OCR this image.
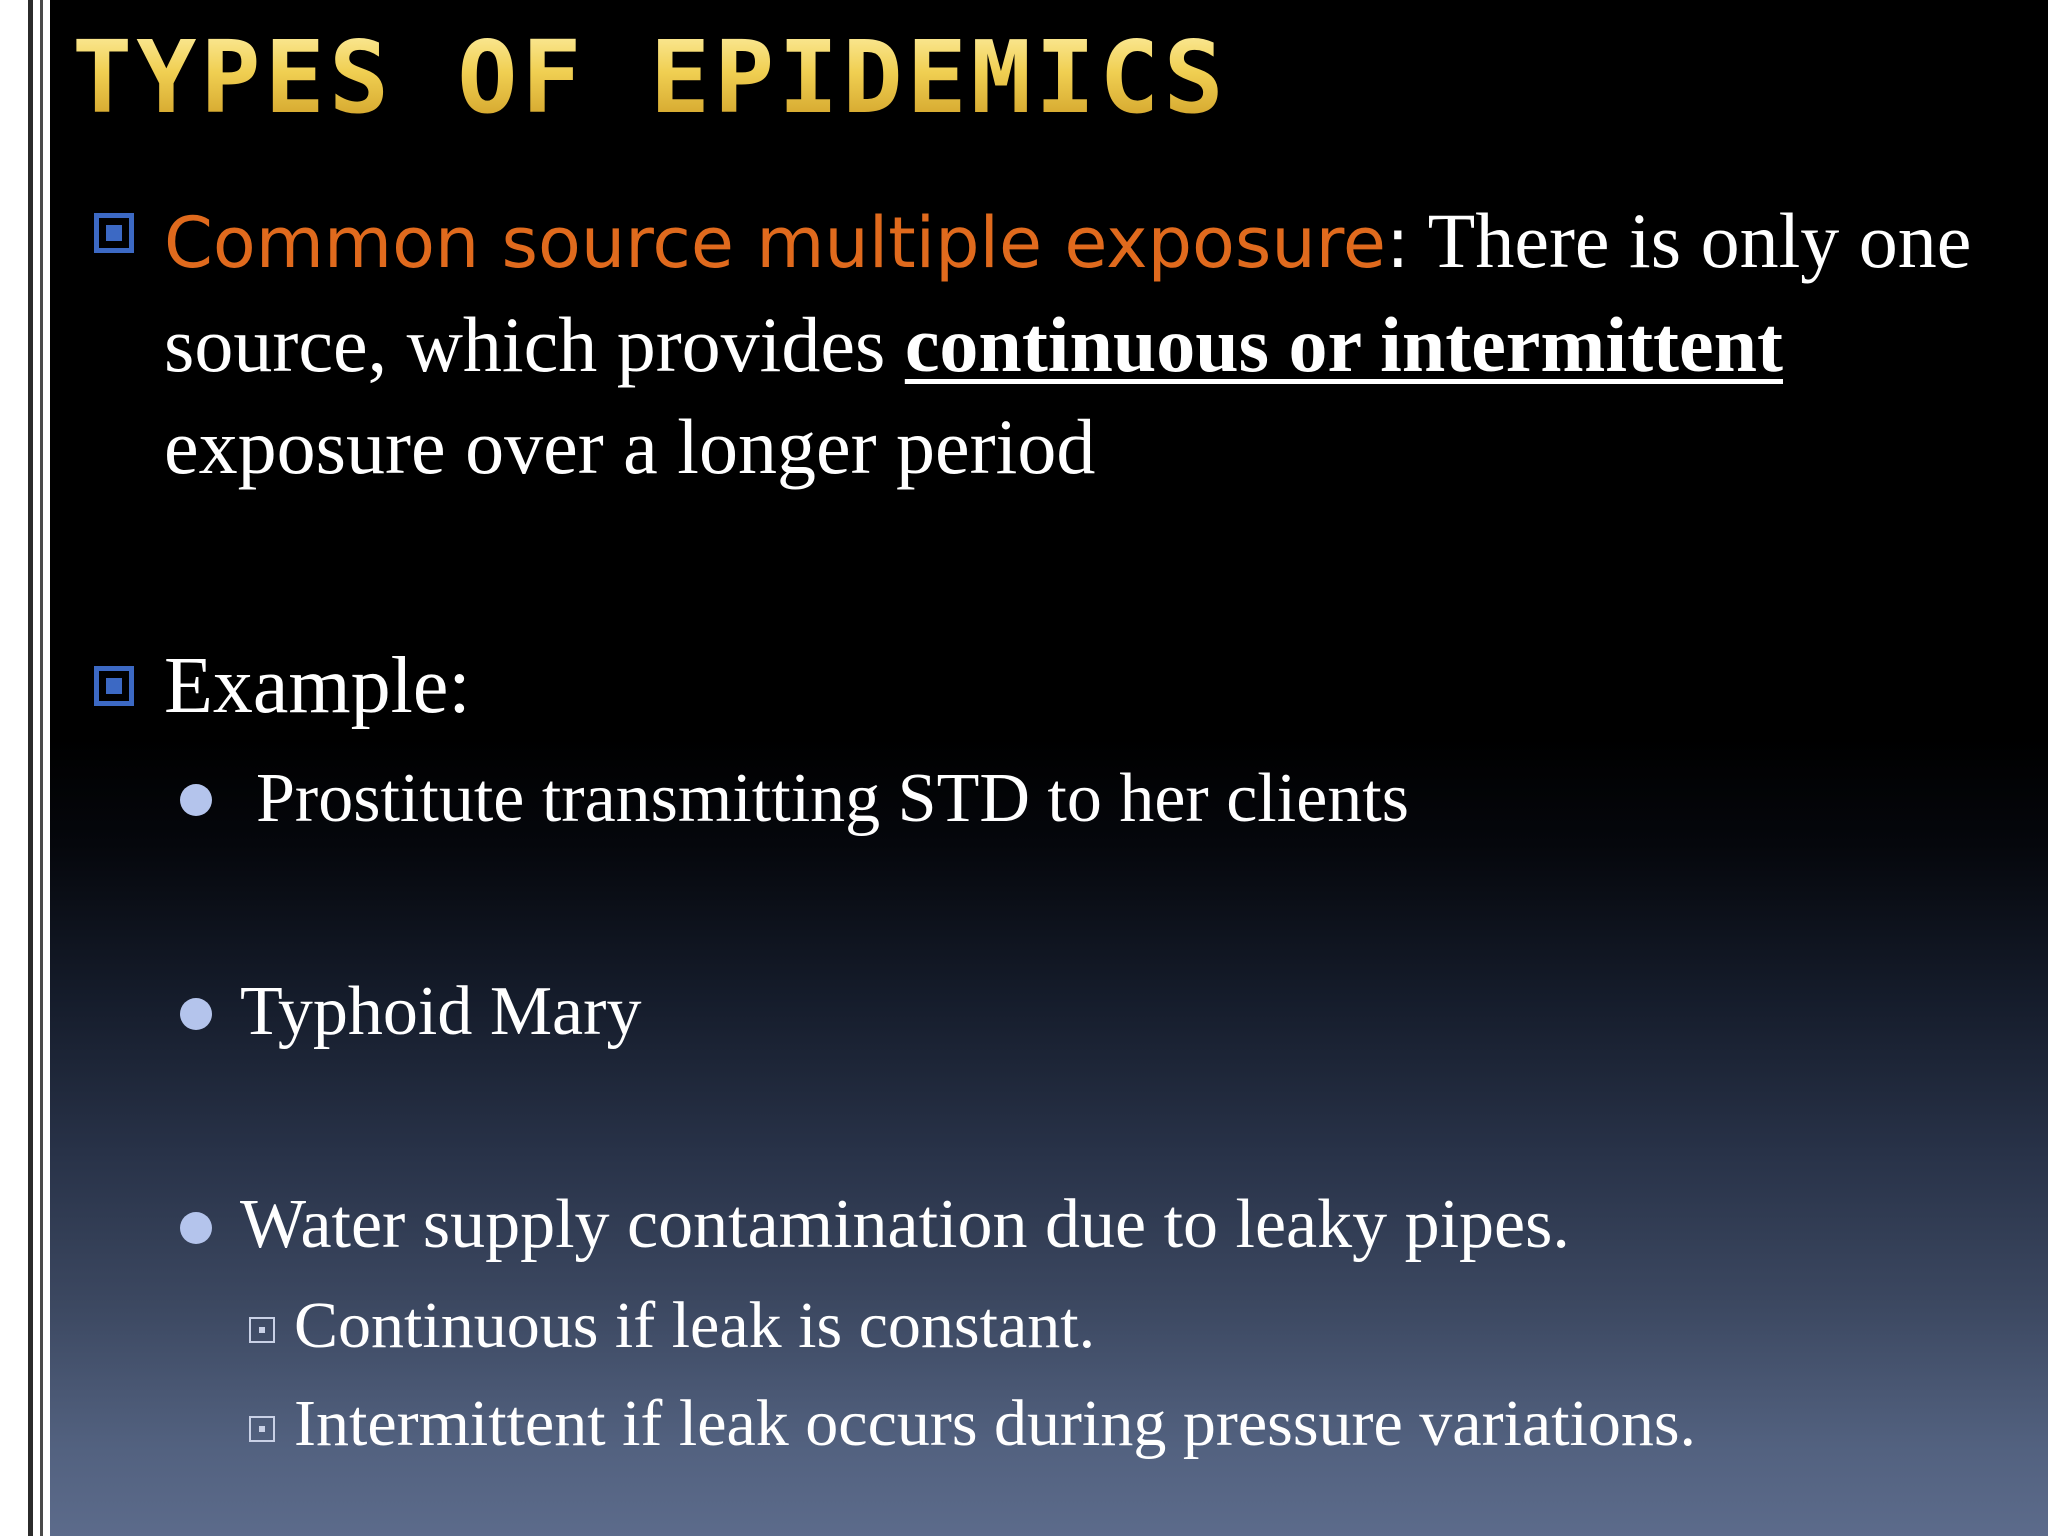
TYPES OF EPIDEMICS

Common source multiple exposure: There is only one source, which provides continuous or intermittent exposure over a longer period

Example:

Prostitute transmitting STD to her clients

Typhoid Mary

Water supply contamination due to leaky pipes.

Continuous if leak is constant.

Intermittent if leak occurs during pressure variations.
